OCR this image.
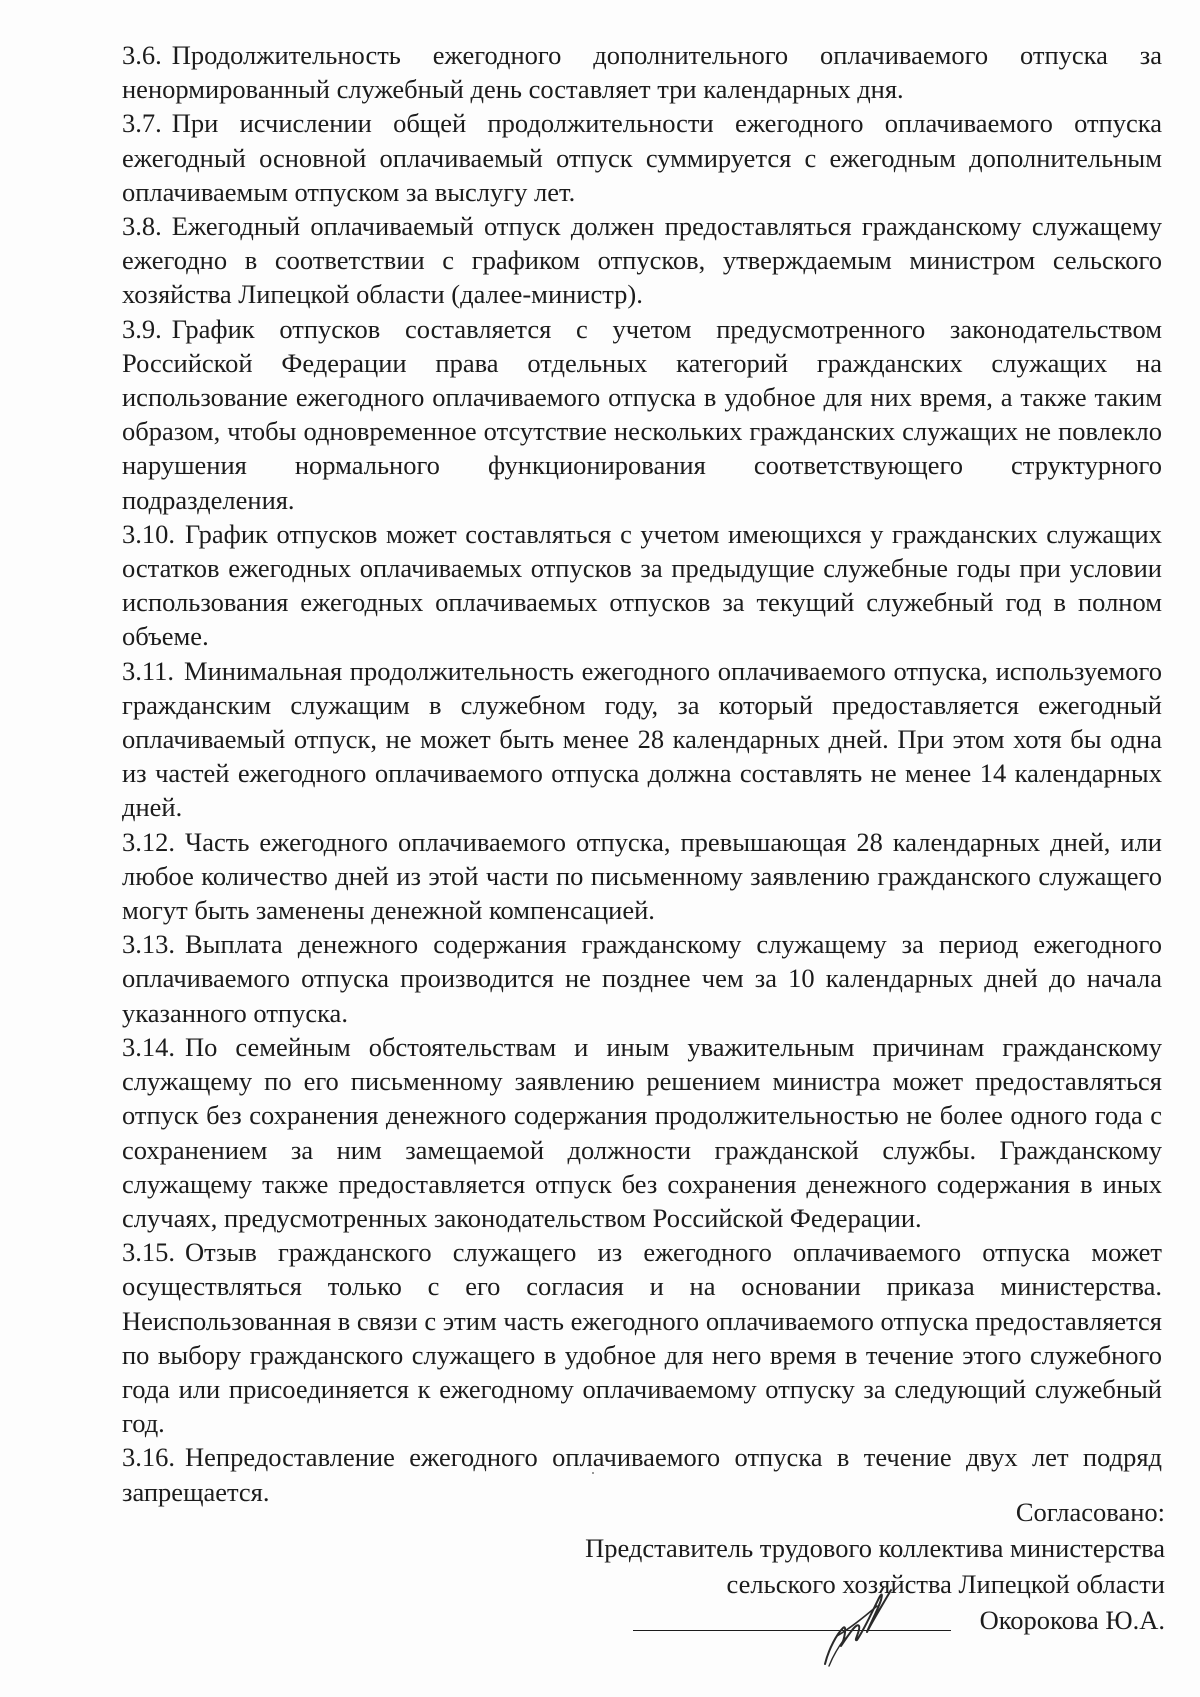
3.6. Продолжительность ежегодного дополнительного оплачиваемого отпуска за ненормированный служебный день составляет три календарных дня.

3.7. При исчислении общей продолжительности ежегодного оплачиваемого отпуска ежегодный основной оплачиваемый отпуск суммируется с ежегодным дополнительным оплачиваемым отпуском за выслугу лет.

3.8. Ежегодный оплачиваемый отпуск должен предоставляться гражданскому служащему ежегодно в соответствии с графиком отпусков, утверждаемым министром сельского хозяйства Липецкой области (далее-министр).

3.9. График отпусков составляется с учетом предусмотренного законодательством Российской Федерации права отдельных категорий гражданских служащих на использование ежегодного оплачиваемого отпуска в удобное для них время, а также таким образом, чтобы одновременное отсутствие нескольких гражданских служащих не повлекло нарушения нормального функционирования соответствующего структурного подразделения.

3.10. График отпусков может составляться с учетом имеющихся у гражданских служащих остатков ежегодных оплачиваемых отпусков за предыдущие служебные годы при условии использования ежегодных оплачиваемых отпусков за текущий служебный год в полном объеме.

3.11. Минимальная продолжительность ежегодного оплачиваемого отпуска, используемого гражданским служащим в служебном году, за который предоставляется ежегодный оплачиваемый отпуск, не может быть менее 28 календарных дней. При этом хотя бы одна из частей ежегодного оплачиваемого отпуска должна составлять не менее 14 календарных дней.

3.12. Часть ежегодного оплачиваемого отпуска, превышающая 28 календарных дней, или любое количество дней из этой части по письменному заявлению гражданского служащего могут быть заменены денежной компенсацией.

3.13. Выплата денежного содержания гражданскому служащему за период ежегодного оплачиваемого отпуска производится не позднее чем за 10 календарных дней до начала указанного отпуска.

3.14. По семейным обстоятельствам и иным уважительным причинам гражданскому служащему по его письменному заявлению решением министра может предоставляться отпуск без сохранения денежного содержания продолжительностью не более одного года с сохранением за ним замещаемой должности гражданской службы. Гражданскому служащему также предоставляется отпуск без сохранения денежного содержания в иных случаях, предусмотренных законодательством Российской Федерации.

3.15. Отзыв гражданского служащего из ежегодного оплачиваемого отпуска может осуществляться только с его согласия и на основании приказа министерства. Неиспользованная в связи с этим часть ежегодного оплачиваемого отпуска предоставляется по выбору гражданского служащего в удобное для него время в течение этого служебного года или присоединяется к ежегодному оплачиваемому отпуску за следующий служебный год.

3.16. Непредоставление ежегодного оплачиваемого отпуска в течение двух лет подряд запрещается.

Согласовано:
Представитель трудового коллектива министерства
сельского хозяйства Липецкой области
Окорокова Ю.А.
